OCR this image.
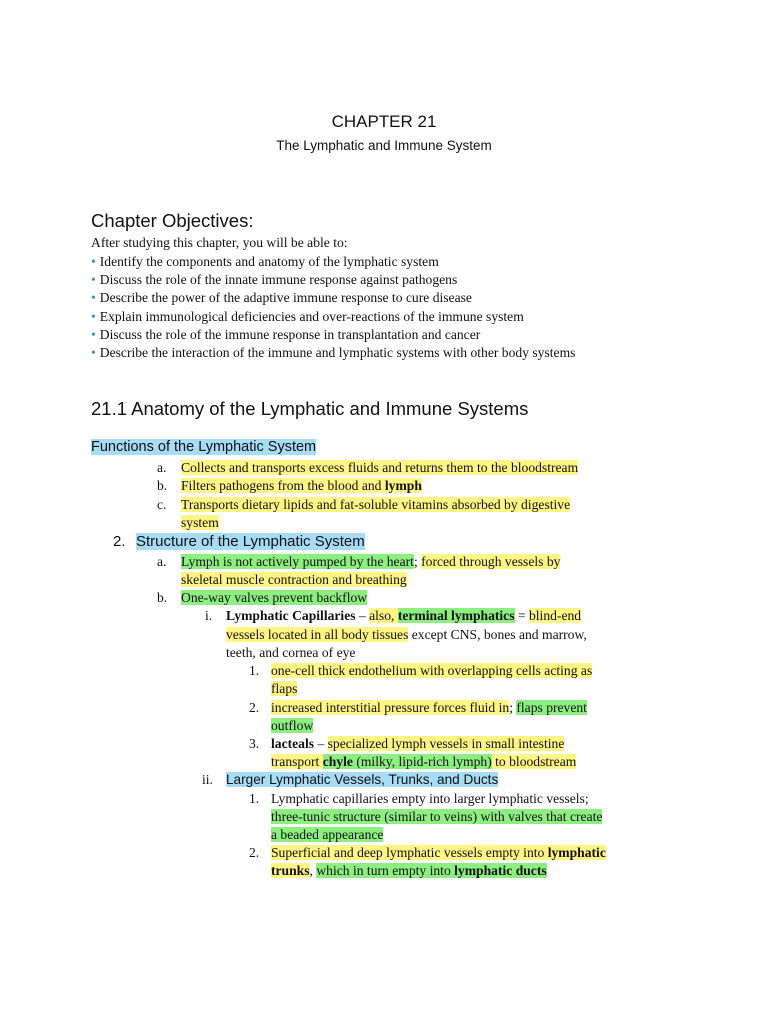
CHAPTER 21
The Lymphatic and Immune System
Chapter Objectives:
After studying this chapter, you will be able to:
• Identify the components and anatomy of the lymphatic system
• Discuss the role of the innate immune response against pathogens
• Describe the power of the adaptive immune response to cure disease
• Explain immunological deficiencies and over-reactions of the immune system
• Discuss the role of the immune response in transplantation and cancer
• Describe the interaction of the immune and lymphatic systems with other body systems
21.1 Anatomy of the Lymphatic and Immune Systems
Functions of the Lymphatic System
a. Collects and transports excess fluids and returns them to the bloodstream
b. Filters pathogens from the blood and lymph
c. Transports dietary lipids and fat-soluble vitamins absorbed by digestive
system
2. Structure of the Lymphatic System
a. Lymph is not actively pumped by the heart; forced through vessels by
skeletal muscle contraction and breathing
b. One-way valves prevent backflow
i. Lymphatic Capillaries – also, terminal lymphatics = blind-end
vessels located in all body tissues except CNS, bones and marrow,
teeth, and cornea of eye
1. one-cell thick endothelium with overlapping cells acting as
flaps
2. increased interstitial pressure forces fluid in; flaps prevent
outflow
3. lacteals – specialized lymph vessels in small intestine
transport chyle (milky, lipid-rich lymph) to bloodstream
ii. Larger Lymphatic Vessels, Trunks, and Ducts
1. Lymphatic capillaries empty into larger lymphatic vessels;
three-tunic structure (similar to veins) with valves that create
a beaded appearance
2. Superficial and deep lymphatic vessels empty into lymphatic
trunks, which in turn empty into lymphatic ducts
